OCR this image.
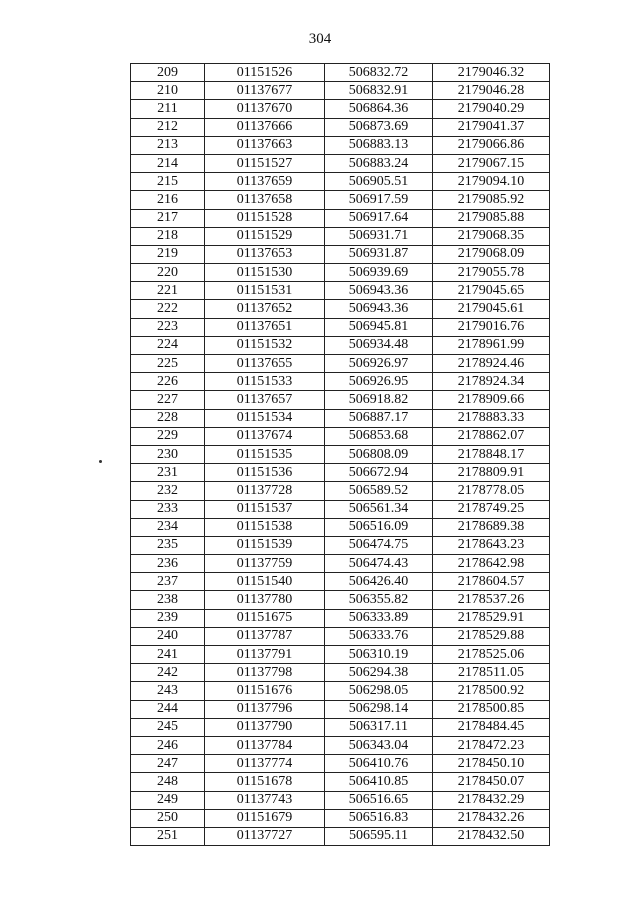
304
209	01151526	506832.72	2179046.32
210	01137677	506832.91	2179046.28
211	01137670	506864.36	2179040.29
212	01137666	506873.69	2179041.37
213	01137663	506883.13	2179066.86
214	01151527	506883.24	2179067.15
215	01137659	506905.51	2179094.10
216	01137658	506917.59	2179085.92
217	01151528	506917.64	2179085.88
218	01151529	506931.71	2179068.35
219	01137653	506931.87	2179068.09
220	01151530	506939.69	2179055.78
221	01151531	506943.36	2179045.65
222	01137652	506943.36	2179045.61
223	01137651	506945.81	2179016.76
224	01151532	506934.48	2178961.99
225	01137655	506926.97	2178924.46
226	01151533	506926.95	2178924.34
227	01137657	506918.82	2178909.66
228	01151534	506887.17	2178883.33
229	01137674	506853.68	2178862.07
230	01151535	506808.09	2178848.17
231	01151536	506672.94	2178809.91
232	01137728	506589.52	2178778.05
233	01151537	506561.34	2178749.25
234	01151538	506516.09	2178689.38
235	01151539	506474.75	2178643.23
236	01137759	506474.43	2178642.98
237	01151540	506426.40	2178604.57
238	01137780	506355.82	2178537.26
239	01151675	506333.89	2178529.91
240	01137787	506333.76	2178529.88
241	01137791	506310.19	2178525.06
242	01137798	506294.38	2178511.05
243	01151676	506298.05	2178500.92
244	01137796	506298.14	2178500.85
245	01137790	506317.11	2178484.45
246	01137784	506343.04	2178472.23
247	01137774	506410.76	2178450.10
248	01151678	506410.85	2178450.07
249	01137743	506516.65	2178432.29
250	01151679	506516.83	2178432.26
251	01137727	506595.11	2178432.50
